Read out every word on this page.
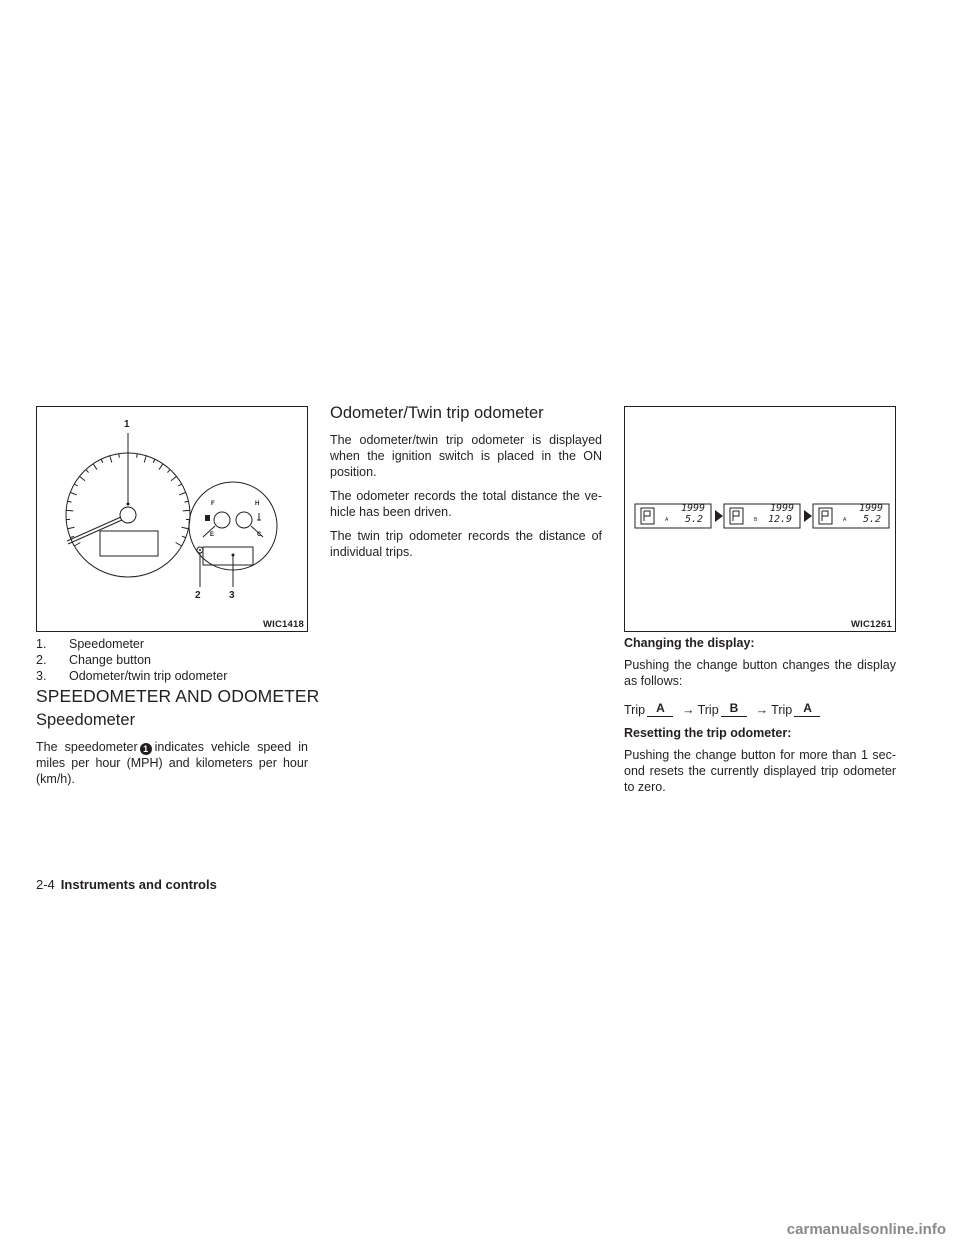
1
2	3
F
E
H
C
WIC1418
1.	Speedometer
2.	Change button
3.	Odometer/twin trip odometer
SPEEDOMETER AND ODOMETER
Speedometer

The speedometer 1 indicates vehicle speed in miles per hour (MPH) and kilometers per hour (km/h).

Odometer/Twin trip odometer

The odometer/twin trip odometer is displayed when the ignition switch is placed in the ON position.

The odometer records the total distance the ve-hicle has been driven.

The twin trip odometer records the distance of individual trips.

1999
5.2
A
1999
12.9
B
1999
5.2
A
WIC1261
Changing the display:

Pushing the change button changes the display as follows:

Trip A → Trip B → Trip A
Resetting the trip odometer:

Pushing the change button for more than 1 sec-ond resets the currently displayed trip odometer to zero.

2-4 Instruments and controls
carmanualsonline.info
